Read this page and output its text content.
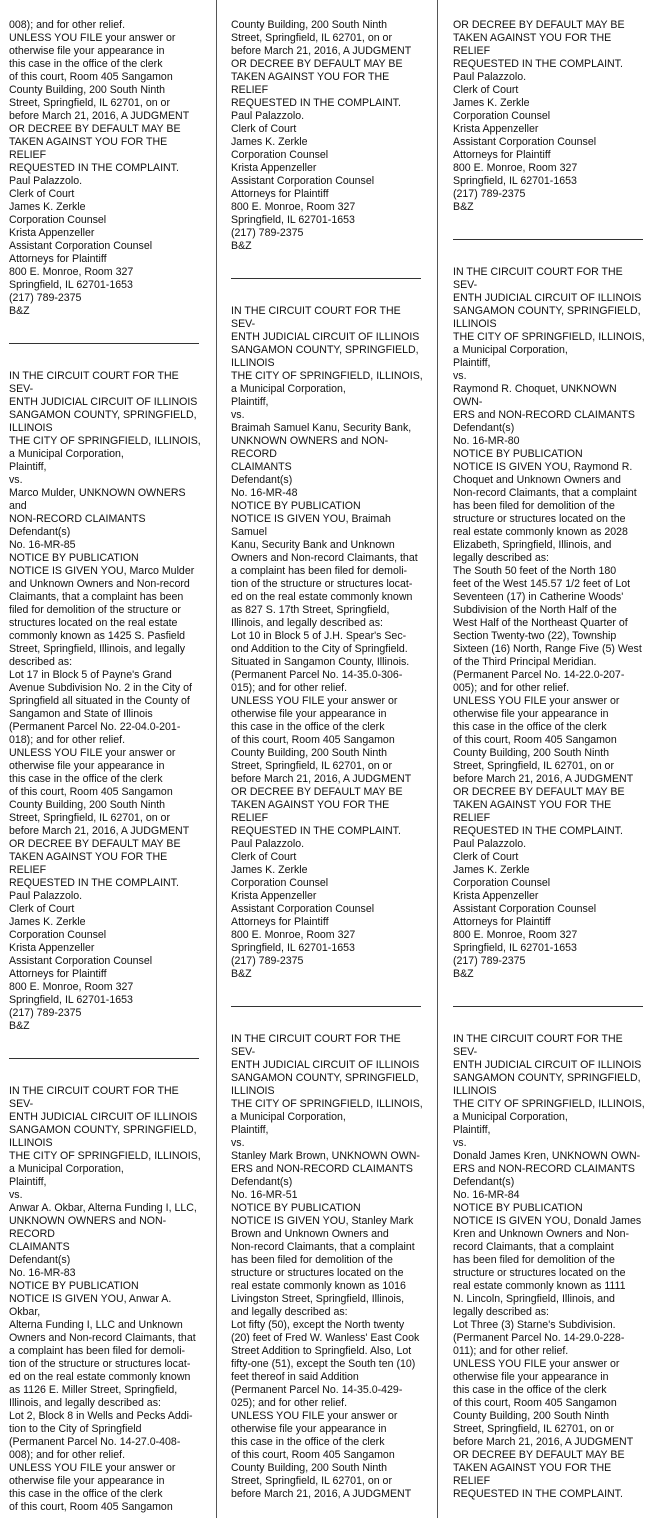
008); and for other relief.
UNLESS YOU FILE your answer or
otherwise file your appearance in
this case in the office of the clerk
of this court, Room 405 Sangamon
County Building, 200 South Ninth
Street, Springfield, IL 62701, on or
before March 21, 2016, A JUDGMENT
OR DECREE BY DEFAULT MAY BE
TAKEN AGAINST YOU FOR THE RELIEF
REQUESTED IN THE COMPLAINT.
Paul Palazzolo.
Clerk of Court
James K. Zerkle
Corporation Counsel
Krista Appenzeller
Assistant Corporation Counsel
Attorneys for Plaintiff
800 E. Monroe, Room 327
Springfield, IL 62701-1653
(217) 789-2375
B&Z

IN THE CIRCUIT COURT FOR THE SEV-
ENTH JUDICIAL CIRCUIT OF ILLINOIS
SANGAMON COUNTY, SPRINGFIELD,
ILLINOIS
THE CITY OF SPRINGFIELD, ILLINOIS,
a Municipal Corporation,
Plaintiff,
vs.
Marco Mulder, UNKNOWN OWNERS and
NON-RECORD CLAIMANTS
Defendant(s)
No. 16-MR-85
NOTICE BY PUBLICATION
NOTICE IS GIVEN YOU, Marco Mulder
and Unknown Owners and Non-record
Claimants, that a complaint has been
filed for demolition of the structure or
structures located on the real estate
commonly known as 1425 S. Pasfield
Street, Springfield, Illinois, and legally
described as:
Lot 17 in Block 5 of Payne's Grand
Avenue Subdivision No. 2 in the City of
Springfield all situated in the County of
Sangamon and State of Illinois
(Permanent Parcel No. 22-04.0-201-
018); and for other relief.
UNLESS YOU FILE your answer or
otherwise file your appearance in
this case in the office of the clerk
of this court, Room 405 Sangamon
County Building, 200 South Ninth
Street, Springfield, IL 62701, on or
before March 21, 2016, A JUDGMENT
OR DECREE BY DEFAULT MAY BE
TAKEN AGAINST YOU FOR THE RELIEF
REQUESTED IN THE COMPLAINT.
Paul Palazzolo.
Clerk of Court
James K. Zerkle
Corporation Counsel
Krista Appenzeller
Assistant Corporation Counsel
Attorneys for Plaintiff
800 E. Monroe, Room 327
Springfield, IL 62701-1653
(217) 789-2375
B&Z

IN THE CIRCUIT COURT FOR THE SEV-
ENTH JUDICIAL CIRCUIT OF ILLINOIS
SANGAMON COUNTY, SPRINGFIELD,
ILLINOIS
THE CITY OF SPRINGFIELD, ILLINOIS,
a Municipal Corporation,
Plaintiff,
vs.
Anwar A. Okbar, Alterna Funding I, LLC,
UNKNOWN OWNERS and NON-RECORD
CLAIMANTS
Defendant(s)
No. 16-MR-83
NOTICE BY PUBLICATION
NOTICE IS GIVEN YOU, Anwar A. Okbar,
Alterna Funding I, LLC and Unknown
Owners and Non-record Claimants, that
a complaint has been filed for demoli-
tion of the structure or structures locat-
ed on the real estate commonly known
as 1126 E. Miller Street, Springfield,
Illinois, and legally described as:
Lot 2, Block 8 in Wells and Pecks Addi-
tion to the City of Springfield
(Permanent Parcel No. 14-27.0-408-
008); and for other relief.
UNLESS YOU FILE your answer or
otherwise file your appearance in
this case in the office of the clerk
of this court, Room 405 Sangamon

County Building, 200 South Ninth
Street, Springfield, IL 62701, on or
before March 21, 2016, A JUDGMENT
OR DECREE BY DEFAULT MAY BE
TAKEN AGAINST YOU FOR THE RELIEF
REQUESTED IN THE COMPLAINT.
Paul Palazzolo.
Clerk of Court
James K. Zerkle
Corporation Counsel
Krista Appenzeller
Assistant Corporation Counsel
Attorneys for Plaintiff
800 E. Monroe, Room 327
Springfield, IL 62701-1653
(217) 789-2375
B&Z

IN THE CIRCUIT COURT FOR THE SEV-
ENTH JUDICIAL CIRCUIT OF ILLINOIS
SANGAMON COUNTY, SPRINGFIELD,
ILLINOIS
THE CITY OF SPRINGFIELD, ILLINOIS,
a Municipal Corporation,
Plaintiff,
vs.
Braimah Samuel Kanu, Security Bank,
UNKNOWN OWNERS and NON-RECORD
CLAIMANTS
Defendant(s)
No. 16-MR-48
NOTICE BY PUBLICATION
NOTICE IS GIVEN YOU, Braimah Samuel
Kanu, Security Bank and Unknown
Owners and Non-record Claimants, that
a complaint has been filed for demoli-
tion of the structure or structures locat-
ed on the real estate commonly known
as 827 S. 17th Street, Springfield,
Illinois, and legally described as:
Lot 10 in Block 5 of J.H. Spear's Sec-
ond Addition to the City of Springfield.
Situated in Sangamon County, Illinois.
(Permanent Parcel No. 14-35.0-306-
015); and for other relief.
UNLESS YOU FILE your answer or
otherwise file your appearance in
this case in the office of the clerk
of this court, Room 405 Sangamon
County Building, 200 South Ninth
Street, Springfield, IL 62701, on or
before March 21, 2016, A JUDGMENT
OR DECREE BY DEFAULT MAY BE
TAKEN AGAINST YOU FOR THE RELIEF
REQUESTED IN THE COMPLAINT.
Paul Palazzolo.
Clerk of Court
James K. Zerkle
Corporation Counsel
Krista Appenzeller
Assistant Corporation Counsel
Attorneys for Plaintiff
800 E. Monroe, Room 327
Springfield, IL 62701-1653
(217) 789-2375
B&Z

IN THE CIRCUIT COURT FOR THE SEV-
ENTH JUDICIAL CIRCUIT OF ILLINOIS
SANGAMON COUNTY, SPRINGFIELD,
ILLINOIS
THE CITY OF SPRINGFIELD, ILLINOIS,
a Municipal Corporation,
Plaintiff,
vs.
Stanley Mark Brown, UNKNOWN OWN-
ERS and NON-RECORD CLAIMANTS
Defendant(s)
No. 16-MR-51
NOTICE BY PUBLICATION
NOTICE IS GIVEN YOU, Stanley Mark
Brown and Unknown Owners and
Non-record Claimants, that a complaint
has been filed for demolition of the
structure or structures located on the
real estate commonly known as 1016
Livingston Street, Springfield, Illinois,
and legally described as:
Lot fifty (50), except the North twenty
(20) feet of Fred W. Wanless' East Cook
Street Addition to Springfield. Also, Lot
fifty-one (51), except the South ten (10)
feet thereof in said Addition
(Permanent Parcel No. 14-35.0-429-
025); and for other relief.
UNLESS YOU FILE your answer or
otherwise file your appearance in
this case in the office of the clerk
of this court, Room 405 Sangamon
County Building, 200 South Ninth
Street, Springfield, IL 62701, on or
before March 21, 2016, A JUDGMENT

OR DECREE BY DEFAULT MAY BE
TAKEN AGAINST YOU FOR THE RELIEF
REQUESTED IN THE COMPLAINT.
Paul Palazzolo.
Clerk of Court
James K. Zerkle
Corporation Counsel
Krista Appenzeller
Assistant Corporation Counsel
Attorneys for Plaintiff
800 E. Monroe, Room 327
Springfield, IL 62701-1653
(217) 789-2375
B&Z

IN THE CIRCUIT COURT FOR THE SEV-
ENTH JUDICIAL CIRCUIT OF ILLINOIS
SANGAMON COUNTY, SPRINGFIELD,
ILLINOIS
THE CITY OF SPRINGFIELD, ILLINOIS,
a Municipal Corporation,
Plaintiff,
vs.
Raymond R. Choquet, UNKNOWN OWN-
ERS and NON-RECORD CLAIMANTS
Defendant(s)
No. 16-MR-80
NOTICE BY PUBLICATION
NOTICE IS GIVEN YOU, Raymond R.
Choquet and Unknown Owners and
Non-record Claimants, that a complaint
has been filed for demolition of the
structure or structures located on the
real estate commonly known as 2028
Elizabeth, Springfield, Illinois, and
legally described as:
The South 50 feet of the North 180
feet of the West 145.57 1/2 feet of Lot
Seventeen (17) in Catherine Woods'
Subdivision of the North Half of the
West Half of the Northeast Quarter of
Section Twenty-two (22), Township
Sixteen (16) North, Range Five (5) West
of the Third Principal Meridian.
(Permanent Parcel No. 14-22.0-207-
005); and for other relief.
UNLESS YOU FILE your answer or
otherwise file your appearance in
this case in the office of the clerk
of this court, Room 405 Sangamon
County Building, 200 South Ninth
Street, Springfield, IL 62701, on or
before March 21, 2016, A JUDGMENT
OR DECREE BY DEFAULT MAY BE
TAKEN AGAINST YOU FOR THE RELIEF
REQUESTED IN THE COMPLAINT.
Paul Palazzolo.
Clerk of Court
James K. Zerkle
Corporation Counsel
Krista Appenzeller
Assistant Corporation Counsel
Attorneys for Plaintiff
800 E. Monroe, Room 327
Springfield, IL 62701-1653
(217) 789-2375
B&Z

IN THE CIRCUIT COURT FOR THE SEV-
ENTH JUDICIAL CIRCUIT OF ILLINOIS
SANGAMON COUNTY, SPRINGFIELD,
ILLINOIS
THE CITY OF SPRINGFIELD, ILLINOIS,
a Municipal Corporation,
Plaintiff,
vs.
Donald James Kren, UNKNOWN OWN-
ERS and NON-RECORD CLAIMANTS
Defendant(s)
No. 16-MR-84
NOTICE BY PUBLICATION
NOTICE IS GIVEN YOU, Donald James
Kren and Unknown Owners and Non-
record Claimants, that a complaint
has been filed for demolition of the
structure or structures located on the
real estate commonly known as 1111
N. Lincoln, Springfield, Illinois, and
legally described as:
Lot Three (3) Starne's Subdivision.
(Permanent Parcel No. 14-29.0-228-
011); and for other relief.
UNLESS YOU FILE your answer or
otherwise file your appearance in
this case in the office of the clerk
of this court, Room 405 Sangamon
County Building, 200 South Ninth
Street, Springfield, IL 62701, on or
before March 21, 2016, A JUDGMENT
OR DECREE BY DEFAULT MAY BE
TAKEN AGAINST YOU FOR THE RELIEF
REQUESTED IN THE COMPLAINT.
